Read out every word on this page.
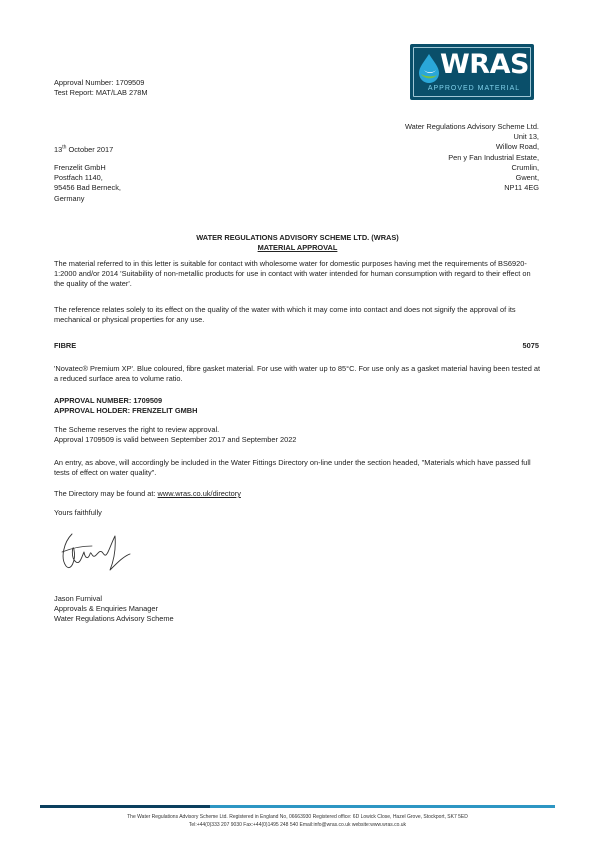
Approval Number: 1709509

Test Report: MAT/LAB 278M

WRAS
APPROVED MATERIAL

Water Regulations Advisory Scheme Ltd.

Unit 13,

Willow Road,

Pen y Fan Industrial Estate,

Crumlin,

Gwent,

NP11 4EG

13th October 2017

Frenzelit GmbH

Postfach 1140,

95456 Bad Berneck,

Germany

WATER REGULATIONS ADVISORY SCHEME LTD. (WRAS)
MATERIAL APPROVAL

The material referred to in this letter is suitable for contact with wholesome water for domestic purposes having met the requirements of BS6920-1:2000 and/or 2014 'Suitability of non-metallic products for use in contact with water intended for human consumption with regard to their effect on the quality of the water'.

The reference relates solely to its effect on the quality of the water with which it may come into contact and does not signify the approval of its mechanical or physical properties for any use.

FIBRE	5075

'Novatec® Premium XP'. Blue coloured, fibre gasket material. For use with water up to 85°C. For use only as a gasket material having been tested at a reduced surface area to volume ratio.

APPROVAL NUMBER: 1709509

APPROVAL HOLDER: FRENZELIT GMBH

The Scheme reserves the right to review approval.

Approval 1709509 is valid between September 2017 and September 2022

An entry, as above, will accordingly be included in the Water Fittings Directory on-line under the section headed, "Materials which have passed full tests of effect on water quality".

The Directory may be found at: www.wras.co.uk/directory

Yours faithfully

Jason Furnival

Approvals & Enquiries Manager

Water Regulations Advisory Scheme

The Water Regulations Advisory Scheme Ltd. Registered in England No, 06663930 Registered office: 6D Lowick Close, Hazel Grove, Stockport, SK7 5ED

Tel:+44(0)333 207 9030 Fax:+44(0)1495 248 540 Email:info@wras.co.uk website:www.wras.co.uk
